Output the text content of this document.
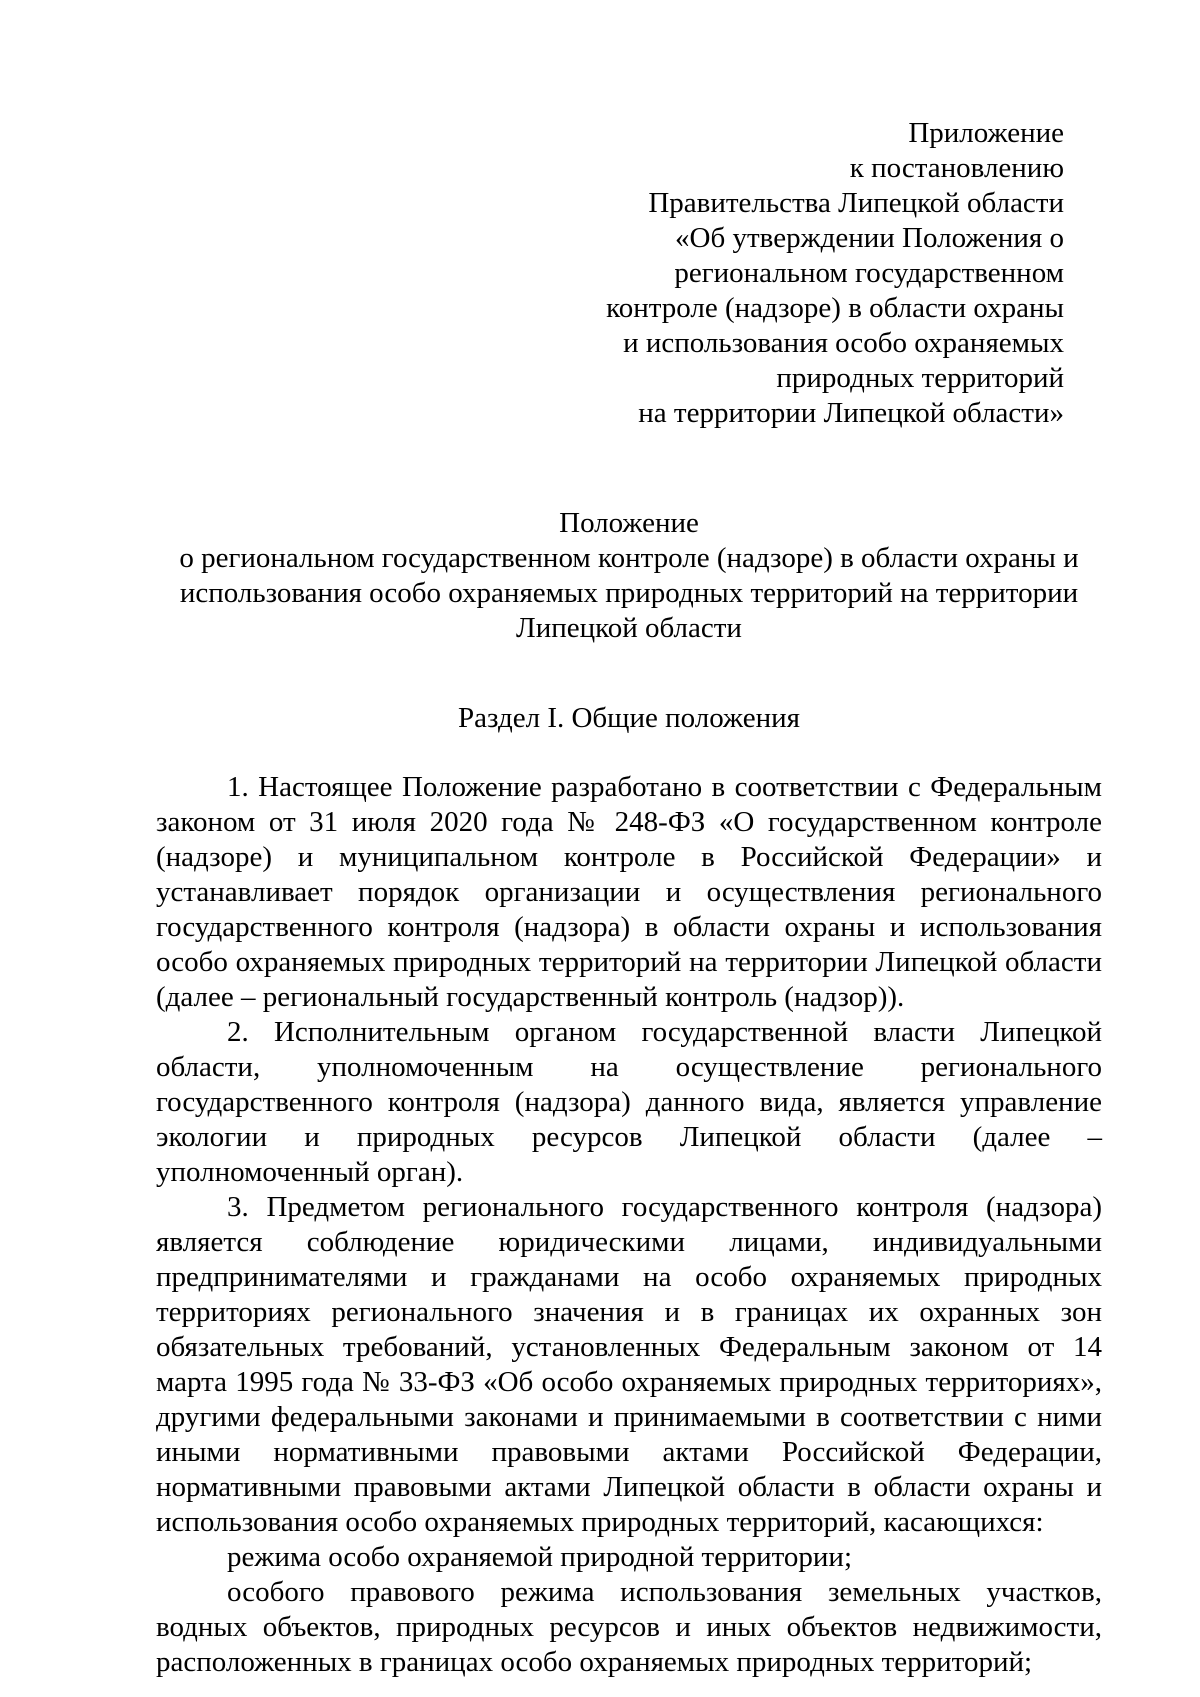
Приложение
к постановлению
Правительства Липецкой области
«Об утверждении Положения о
региональном государственном
контроле (надзоре) в области охраны
и использования особо охраняемых
природных территорий
на территории Липецкой области»
Положение
о региональном государственном контроле (надзоре) в области охраны и
использования особо охраняемых природных территорий на территории
Липецкой области
Раздел I. Общие положения

1. Настоящее Положение разработано в соответствии с Федеральным законом от 31 июля 2020 года № 248-ФЗ «О государственном контроле (надзоре) и муниципальном контроле в Российской Федерации» и устанавливает порядок организации и осуществления регионального государственного контроля (надзора) в области охраны и использования особо охраняемых природных территорий на территории Липецкой области (далее – региональный государственный контроль (надзор)).

2. Исполнительным органом государственной власти Липецкой области, уполномоченным на осуществление регионального государственного контроля (надзора) данного вида, является управление экологии и природных ресурсов Липецкой области (далее – уполномоченный орган).

3. Предметом регионального государственного контроля (надзора) является соблюдение юридическими лицами, индивидуальными предпринимателями и гражданами на особо охраняемых природных территориях регионального значения и в границах их охранных зон обязательных требований, установленных Федеральным законом от 14 марта 1995 года № 33-ФЗ «Об особо охраняемых природных территориях», другими федеральными законами и принимаемыми в соответствии с ними иными нормативными правовыми актами Российской Федерации, нормативными правовыми актами Липецкой области в области охраны и использования особо охраняемых природных территорий, касающихся:

режима особо охраняемой природной территории;

особого правового режима использования земельных участков, водных объектов, природных ресурсов и иных объектов недвижимости, расположенных в границах особо охраняемых природных территорий;
